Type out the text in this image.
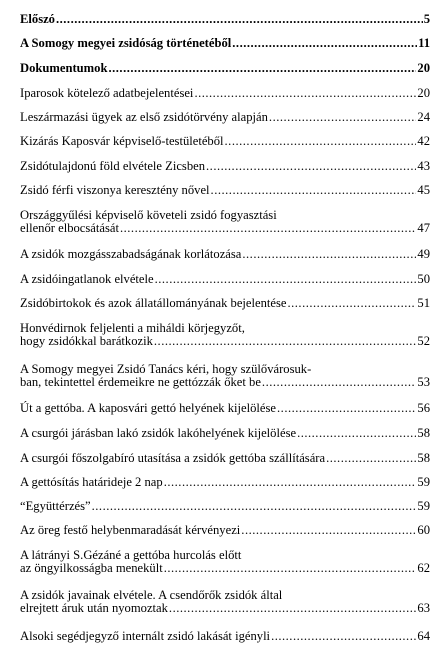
Előszó .....	5
A Somogy megyei zsidóság történetéből .....	11
Dokumentumok .....	20
Iparosok kötelező adatbejelentései .....	20
Leszármazási ügyek az első zsidótörvény alapján .....	24
Kizárás Kaposvár képviselő-testületéből .....	42
Zsidótulajdonú föld elvétele Zicsben .....	43
Zsidó férfi viszonya keresztény nővel .....	45
Országgyűlési képviselő követeli zsidó fogyasztási
ellenőr elbocsátását .....	47
A zsidók mozgásszabadságának korlátozása .....	49
A zsidóingatlanok elvétele .....	50
Zsidóbirtokok és azok állatállományának bejelentése .....	51
Honvédirnok feljelenti a miháldi körjegyzőt,
hogy zsidókkal barátkozik .....	52
A Somogy megyei Zsidó Tanács kéri, hogy szülővárosuk-
ban, tekintettel érdemeikre ne gettózzák őket be .....	53
Út a gettóba. A kaposvári gettó helyének kijelölése .....	56
A csurgói járásban lakó zsidók lakóhelyének kijelölése .....	58
A csurgói főszolgabíró utasítása a zsidók gettóba szállítására .....	58
A gettósítás határideje 2 nap .....	59
“Együttérzés” .....	59
Az öreg festő helybenmaradását kérvényezi .....	60
A látrányi S.Gézáné a gettóba hurcolás előtt
az öngyilkosságba menekült .....	62
A zsidók javainak elvétele. A csendőrők zsidók által
elrejtett áruk után nyomoztak .....	63
Alsoki segédjegyző internált zsidó lakását igényli .....	64
